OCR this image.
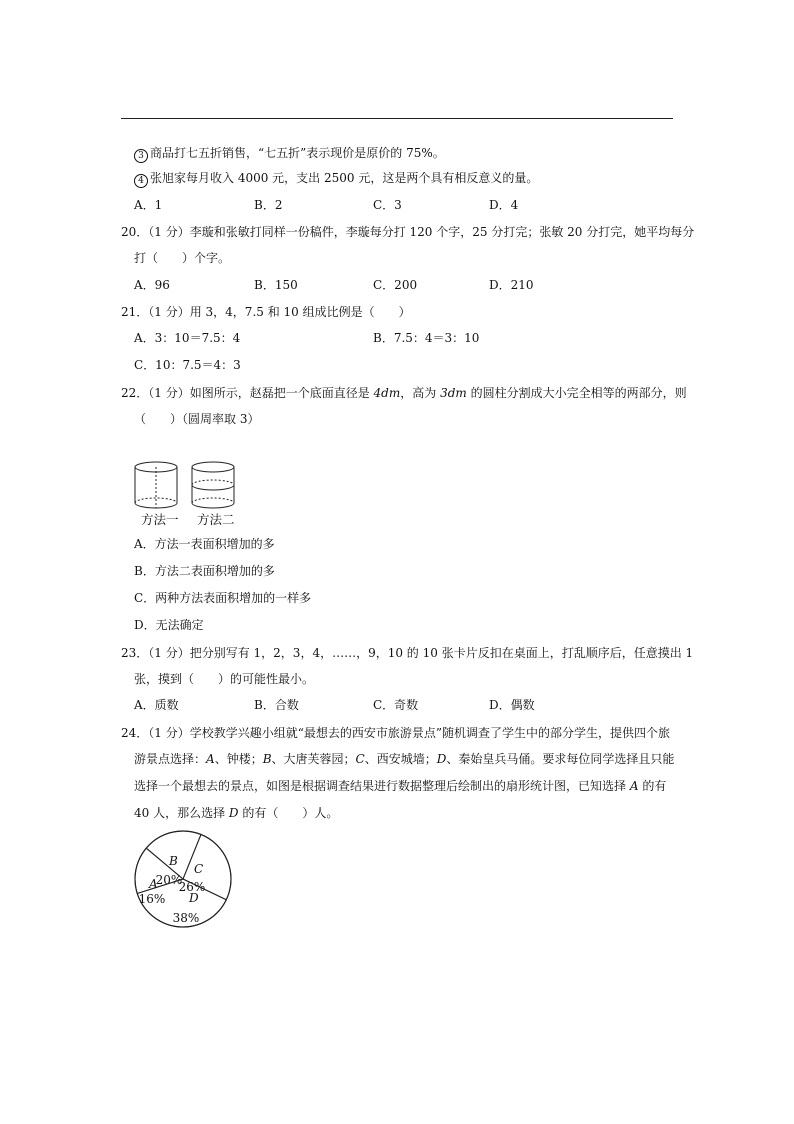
3 商品打七五折销售，“七五折”表示现价是原价的 75%。
4 张旭家每月收入 4000 元，支出 2500 元，这是两个具有相反意义的量。
A．1	B．2	C．3	D．4
20．（1 分）李璇和张敏打同样一份稿件，李璇每分打 120 个字，25 分打完；张敏 20 分打完，她平均每分
打（　　）个字。
A．96	B．150	C．200	D．210
21．（1 分）用 3，4，7.5 和 10 组成比例是（　　）
A．3：10＝7.5：4	B．7.5：4＝3：10
C．10：7.5＝4：3
22．（1 分）如图所示，赵磊把一个底面直径是 4dm，高为 3dm 的圆柱分割成大小完全相等的两部分，则
（　　）（圆周率取 3）
方法一 方法二
A．方法一表面积增加的多
B．方法二表面积增加的多
C．两种方法表面积增加的一样多
D．无法确定
23．（1 分）把分别写有 1，2，3，4，……，9，10 的 10 张卡片反扣在桌面上，打乱顺序后，任意摸出 1
张，摸到（　　）的可能性最小。
A．质数	B．合数	C．奇数	D．偶数
24．（1 分）学校教学兴趣小组就“最想去的西安市旅游景点”随机调查了学生中的部分学生，提供四个旅
游景点选择：A、钟楼；B、大唐芙蓉园；C、西安城墙；D、秦始皇兵马俑。要求每位同学选择且只能
选择一个最想去的景点，如图是根据调查结果进行数据整理后绘制出的扇形统计图，已知选择 A 的有
40 人，那么选择 D 的有（　　）人。
A
16%
B
20%
C
26%
D
38%
